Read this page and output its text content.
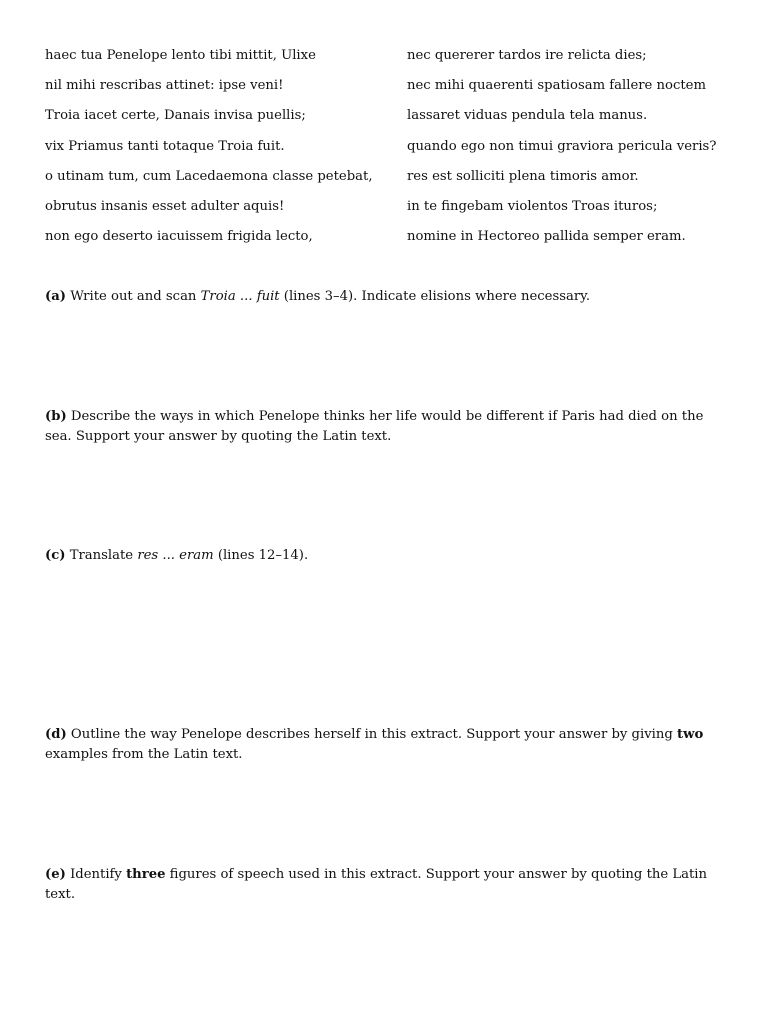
haec tua Penelope lento tibi mittit, Ulixe
nil mihi rescribas attinet: ipse veni!
Troia iacet certe, Danais invisa puellis;
vix Priamus tanti totaque Troia fuit.
o utinam tum, cum Lacedaemona classe petebat,
obrutus insanis esset adulter aquis!
non ego deserto iacuissem frigida lecto,
nec quererer tardos ire relicta dies;
nec mihi quaerenti spatiosam fallere noctem
lassaret viduas pendula tela manus.
quando ego non timui graviora pericula veris?
res est solliciti plena timoris amor.
in te fingebam violentos Troas ituros;
nomine in Hectoreo pallida semper eram.
(a) Write out and scan Troia ... fuit (lines 3–4). Indicate elisions where necessary.
(b) Describe the ways in which Penelope thinks her life would be different if Paris had died on the sea. Support your answer by quoting the Latin text.
(c) Translate res ... eram (lines 12–14).
(d) Outline the way Penelope describes herself in this extract. Support your answer by giving two examples from the Latin text.
(e) Identify three figures of speech used in this extract. Support your answer by quoting the Latin text.
